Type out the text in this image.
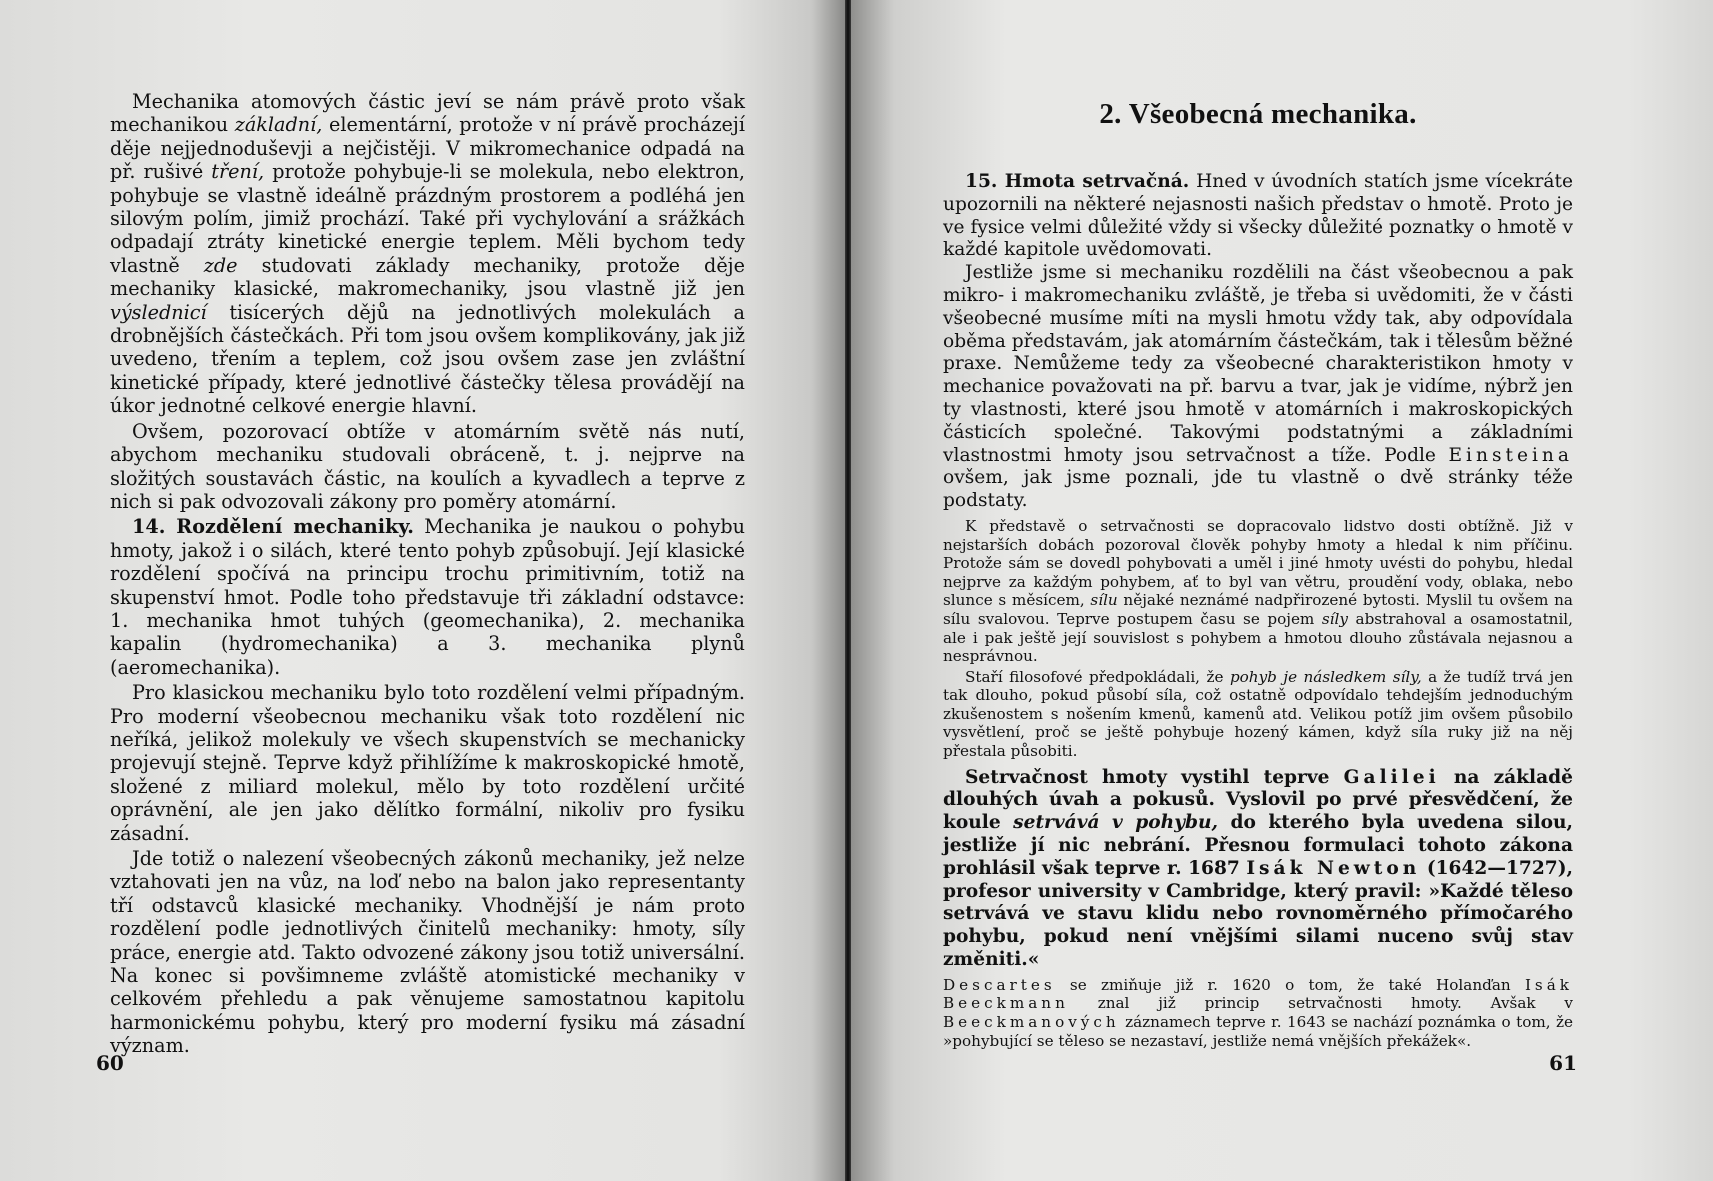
Mechanika atomových částic jeví se nám právě proto však mechanikou základní, elementární, protože v ní právě procházejí děje nejjednoduševji a nejčistěji. V mikromechanice odpadá na př. rušivé tření, protože pohybuje-li se molekula, nebo elektron, pohybuje se vlastně ideálně prázdným prostorem a podléhá jen silovým polím, jimiž prochází. Také při vychylování a srážkách odpadají ztráty kinetické energie teplem. Měli bychom tedy vlastně zde studovati základy mechaniky, protože děje mechaniky klasické, makromechaniky, jsou vlastně již jen výslednicí tisícerých dějů na jednotlivých molekulách a drobnějších částečkách. Při tom jsou ovšem komplikovány, jak již uvedeno, třením a teplem, což jsou ovšem zase jen zvláštní kinetické případy, které jednotlivé částečky tělesa provádějí na úkor jednotné celkové energie hlavní.

Ovšem, pozorovací obtíže v atomárním světě nás nutí, abychom mechaniku studovali obráceně, t. j. nejprve na složitých soustavách částic, na koulích a kyvadlech a teprve z nich si pak odvozovali zákony pro poměry atomární.

14. Rozdělení mechaniky. Mechanika je naukou o pohybu hmoty, jakož i o silách, které tento pohyb způsobují. Její klasické rozdělení spočívá na principu trochu primitivním, totiž na skupenství hmot. Podle toho představuje tři základní odstavce: 1. mechanika hmot tuhých (geomechanika), 2. mechanika kapalin (hydromechanika) a 3. mechanika plynů (aeromechanika).

Pro klasickou mechaniku bylo toto rozdělení velmi případným. Pro moderní všeobecnou mechaniku však toto rozdělení nic neříká, jelikož molekuly ve všech skupenstvích se mechanicky projevují stejně. Teprve když přihlížíme k makroskopické hmotě, složené z miliard molekul, mělo by toto rozdělení určité oprávnění, ale jen jako dělítko formální, nikoliv pro fysiku zásadní.

Jde totiž o nalezení všeobecných zákonů mechaniky, jež nelze vztahovati jen na vůz, na loď nebo na balon jako representanty tří odstavců klasické mechaniky. Vhodnější je nám proto rozdělení podle jednotlivých činitelů mechaniky: hmoty, síly práce, energie atd. Takto odvozené zákony jsou totiž universální. Na konec si povšimneme zvláště atomistické mechaniky v celkovém přehledu a pak věnujeme samostatnou kapitolu harmonickému pohybu, který pro moderní fysiku má zásadní význam.

60
2. Všeobecná mechanika.

15. Hmota setrvačná. Hned v úvodních statích jsme vícekráte upozornili na některé nejasnosti našich představ o hmotě. Proto je ve fysice velmi důležité vždy si všecky důležité poznatky o hmotě v každé kapitole uvědomovati.

Jestliže jsme si mechaniku rozdělili na část všeobecnou a pak mikro- i makromechaniku zvláště, je třeba si uvědomiti, že v části všeobecné musíme míti na mysli hmotu vždy tak, aby odpovídala oběma představám, jak atomárním částečkám, tak i tělesům běžné praxe. Nemůžeme tedy za všeobecné charakteristikon hmoty v mechanice považovati na př. barvu a tvar, jak je vidíme, nýbrž jen ty vlastnosti, které jsou hmotě v atomárních i makroskopických částicích společné. Takovými podstatnými a základními vlastnostmi hmoty jsou setrvačnost a tíže. Podle Einsteina ovšem, jak jsme poznali, jde tu vlastně o dvě stránky téže podstaty.

K představě o setrvačnosti se dopracovalo lidstvo dosti obtížně. Již v nejstarších dobách pozoroval člověk pohyby hmoty a hledal k nim příčinu. Protože sám se dovedl pohybovati a uměl i jiné hmoty uvésti do pohybu, hledal nejprve za každým pohybem, ať to byl van větru, proudění vody, oblaka, nebo slunce s měsícem, sílu nějaké neznámé nadpřirozené bytosti. Myslil tu ovšem na sílu svalovou. Teprve postupem času se pojem síly abstrahoval a osamostatnil, ale i pak ještě její souvislost s pohybem a hmotou dlouho zůstávala nejasnou a nesprávnou.

Staří filosofové předpokládali, že pohyb je následkem síly, a že tudíž trvá jen tak dlouho, pokud působí síla, což ostatně odpovídalo tehdejším jednoduchým zkušenostem s nošením kmenů, kamenů atd. Velikou potíž jim ovšem působilo vysvětlení, proč se ještě pohybuje hozený kámen, když síla ruky již na něj přestala působiti.

Setrvačnost hmoty vystihl teprve Galilei na základě dlouhých úvah a pokusů. Vyslovil po prvé přesvědčení, že koule setrvává v pohybu, do kterého byla uvedena silou, jestliže jí nic nebrání. Přesnou formulaci tohoto zákona prohlásil však teprve r. 1687 Isák Newton (1642—1727), profesor university v Cambridge, který pravil: »Každé těleso setrvává ve stavu klidu nebo rovnoměrného přímočarého pohybu, pokud není vnějšími silami nuceno svůj stav změniti.«

Descartes se zmiňuje již r. 1620 o tom, že také Holanďan Isák Beeckmann znal již princip setrvačnosti hmoty. Avšak v Beeckmanových záznamech teprve r. 1643 se nachází poznámka o tom, že »pohybující se těleso se nezastaví, jestliže nemá vnějších překážek«.

61
